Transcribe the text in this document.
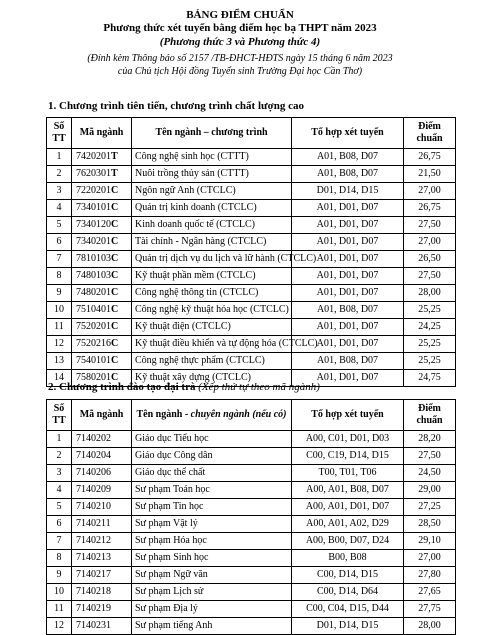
BẢNG ĐIỂM CHUẨN
Phương thức xét tuyển bằng điểm học bạ THPT năm 2023
(Phương thức 3 và Phương thức 4)
(Đính kèm Thông báo số 2157 /TB-ĐHCT-HĐTS ngày 15 tháng 6 năm 2023
của Chủ tịch Hội đồng Tuyển sinh Trường Đại học Cần Thơ)
1. Chương trình tiên tiến, chương trình chất lượng cao
Số TT	Mã ngành	Tên ngành – chương trình	Tổ hợp xét tuyển	Điểm chuẩn
1	7420201T	Công nghệ sinh học (CTTT)	A01, B08, D07	26,75
2	7620301T	Nuôi trồng thủy sản (CTTT)	A01, B08, D07	21,50
3	7220201C	Ngôn ngữ Anh (CTCLC)	D01, D14, D15	27,00
4	7340101C	Quản trị kinh doanh (CTCLC)	A01, D01, D07	26,75
5	7340120C	Kinh doanh quốc tế (CTCLC)	A01, D01, D07	27,50
6	7340201C	Tài chính - Ngân hàng (CTCLC)	A01, D01, D07	27,00
7	7810103C	Quản trị dịch vụ du lịch và lữ hành (CTCLC)	A01, D01, D07	26,50
8	7480103C	Kỹ thuật phần mềm (CTCLC)	A01, D01, D07	27,50
9	7480201C	Công nghệ thông tin (CTCLC)	A01, D01, D07	28,00
10	7510401C	Công nghệ kỹ thuật hóa học (CTCLC)	A01, B08, D07	25,25
11	7520201C	Kỹ thuật điện (CTCLC)	A01, D01, D07	24,25
12	7520216C	Kỹ thuật điều khiển và tự động hóa (CTCLC)	A01, D01, D07	25,25
13	7540101C	Công nghệ thực phẩm (CTCLC)	A01, B08, D07	25,25
14	7580201C	Kỹ thuật xây dựng (CTCLC)	A01, D01, D07	24,75
2. Chương trình đào tạo đại trà (Xếp thứ tự theo mã ngành)
Số TT	Mã ngành	Tên ngành - chuyên ngành (nếu có)	Tổ hợp xét tuyển	Điểm chuẩn
1	7140202	Giáo dục Tiểu học	A00, C01, D01, D03	28,20
2	7140204	Giáo dục Công dân	C00, C19, D14, D15	27,50
3	7140206	Giáo dục thể chất	T00, T01, T06	24,50
4	7140209	Sư phạm Toán học	A00, A01, B08, D07	29,00
5	7140210	Sư phạm Tin học	A00, A01, D01, D07	27,25
6	7140211	Sư phạm Vật lý	A00, A01, A02, D29	28,50
7	7140212	Sư phạm Hóa học	A00, B00, D07, D24	29,10
8	7140213	Sư phạm Sinh học	B00, B08	27,00
9	7140217	Sư phạm Ngữ văn	C00, D14, D15	27,80
10	7140218	Sư phạm Lịch sử	C00, D14, D64	27,65
11	7140219	Sư phạm Địa lý	C00, C04, D15, D44	27,75
12	7140231	Sư phạm tiếng Anh	D01, D14, D15	28,00
